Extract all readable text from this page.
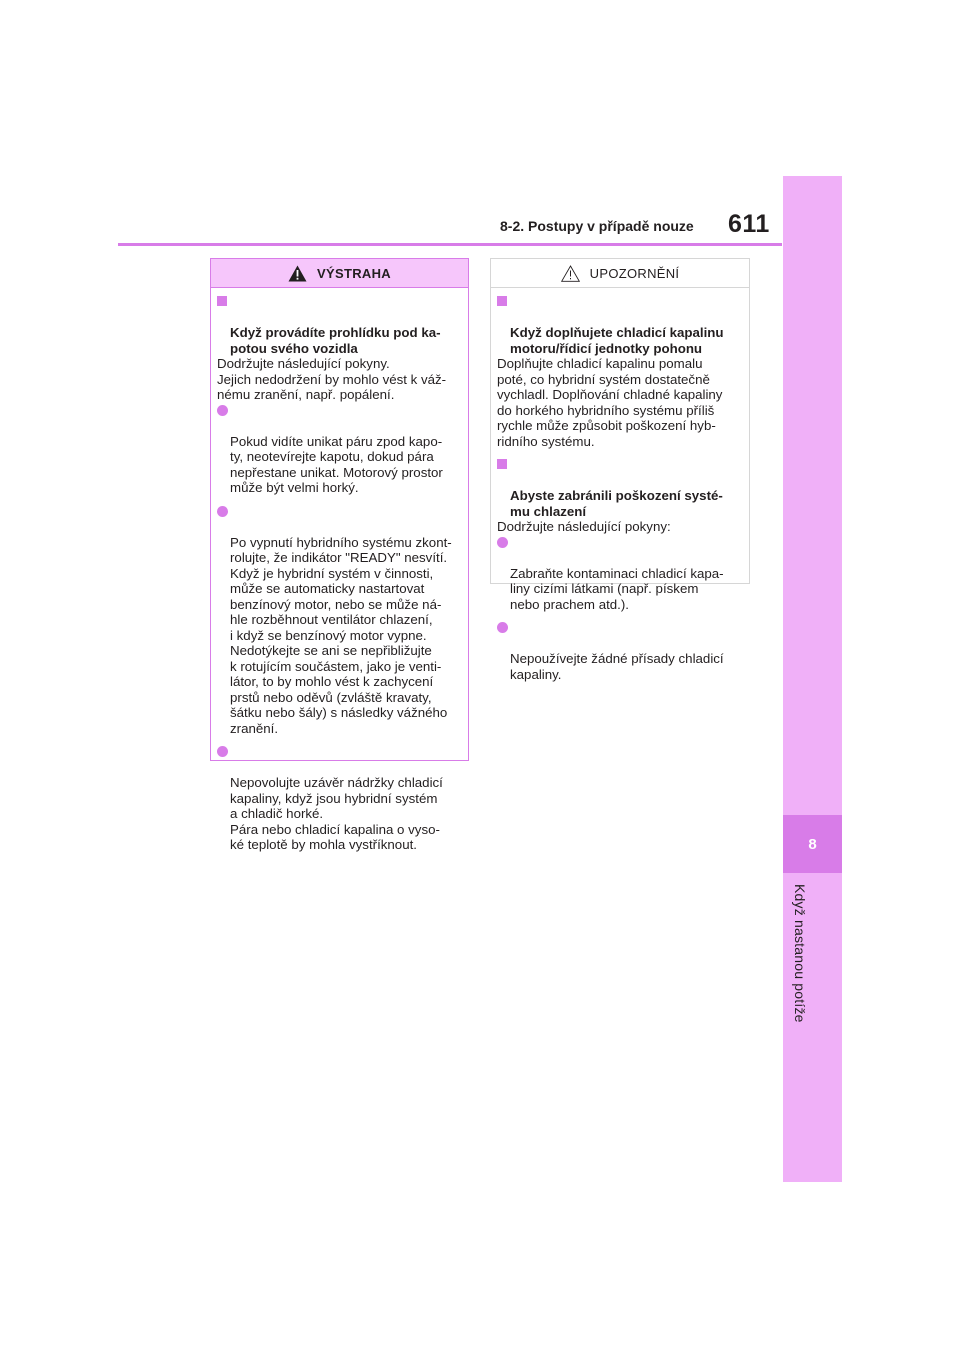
8
Když nastanou potíže
8-2. Postupy v případě nouze 611
VÝSTRAHA

Když provádíte prohlídku pod ka-
potou svého vozidla

Dodržujte následující pokyny.
Jejich nedodržení by mohlo vést k váž-
nému zranění, např. popálení.

Pokud vidíte unikat páru zpod kapo-
ty, neotevírejte kapotu, dokud pára
nepřestane unikat. Motorový prostor
může být velmi horký.

Po vypnutí hybridního systému zkont-
rolujte, že indikátor "READY" nesvítí.
Když je hybridní systém v činnosti,
může se automaticky nastartovat
benzínový motor, nebo se může ná-
hle rozběhnout ventilátor chlazení,
i když se benzínový motor vypne.
Nedotýkejte se ani se nepřibližujte
k rotujícím součástem, jako je venti-
látor, to by mohlo vést k zachycení
prstů nebo oděvů (zvláště kravaty,
šátku nebo šály) s následky vážného
zranění.

Nepovolujte uzávěr nádržky chladicí
kapaliny, když jsou hybridní systém
a chladič horké.
Pára nebo chladicí kapalina o vyso-
ké teplotě by mohla vystříknout.

UPOZORNĚNÍ

Když doplňujete chladicí kapalinu
motoru/řídicí jednotky pohonu

Doplňujte chladicí kapalinu pomalu
poté, co hybridní systém dostatečně
vychladl. Doplňování chladné kapaliny
do horkého hybridního systému příliš
rychle může způsobit poškození hyb-
ridního systému.

Abyste zabránili poškození systé-
mu chlazení

Dodržujte následující pokyny:

Zabraňte kontaminaci chladicí kapa-
liny cizími látkami (např. pískem
nebo prachem atd.).

Nepoužívejte žádné přísady chladicí
kapaliny.
